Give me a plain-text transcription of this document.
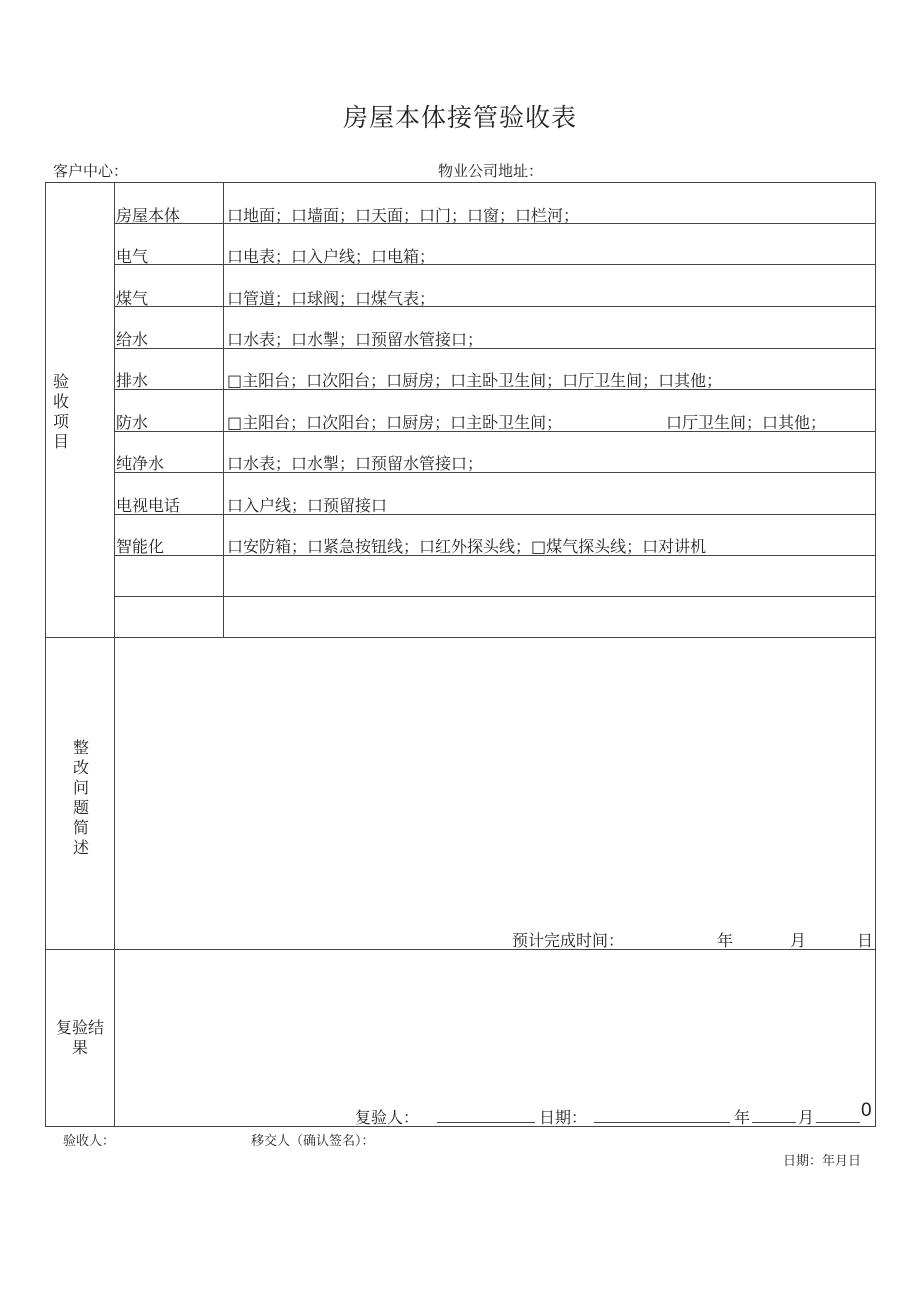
房屋本体接管验收表
客户中心：	物业公司地址：
验
收
项
目
房屋本体	口地面；口墙面；口天面；口门；口窗；口栏河；
电气	口电表；口入户线；口电箱；
煤气	口管道；口球阀；口煤气表；
给水	口水表；口水掣；口预留水管接口；
排水	□主阳台；口次阳台；口厨房；口主卧卫生间；口厅卫生间；口其他；
防水	□主阳台；口次阳台；口厨房；口主卧卫生间；	口厅卫生间；口其他；
纯净水	口水表；口水掣；口预留水管接口；
电视电话	口入户线；口预留接口
智能化	口安防箱；口紧急按钮线；口红外探头线；□煤气探头线；口对讲机
整
改
问
题
简
述
预计完成时间：	年	月	日
复验结
果
复验人：	日期：	年	月 0
验收人：	移交人（确认签名）：
日期：年月日
